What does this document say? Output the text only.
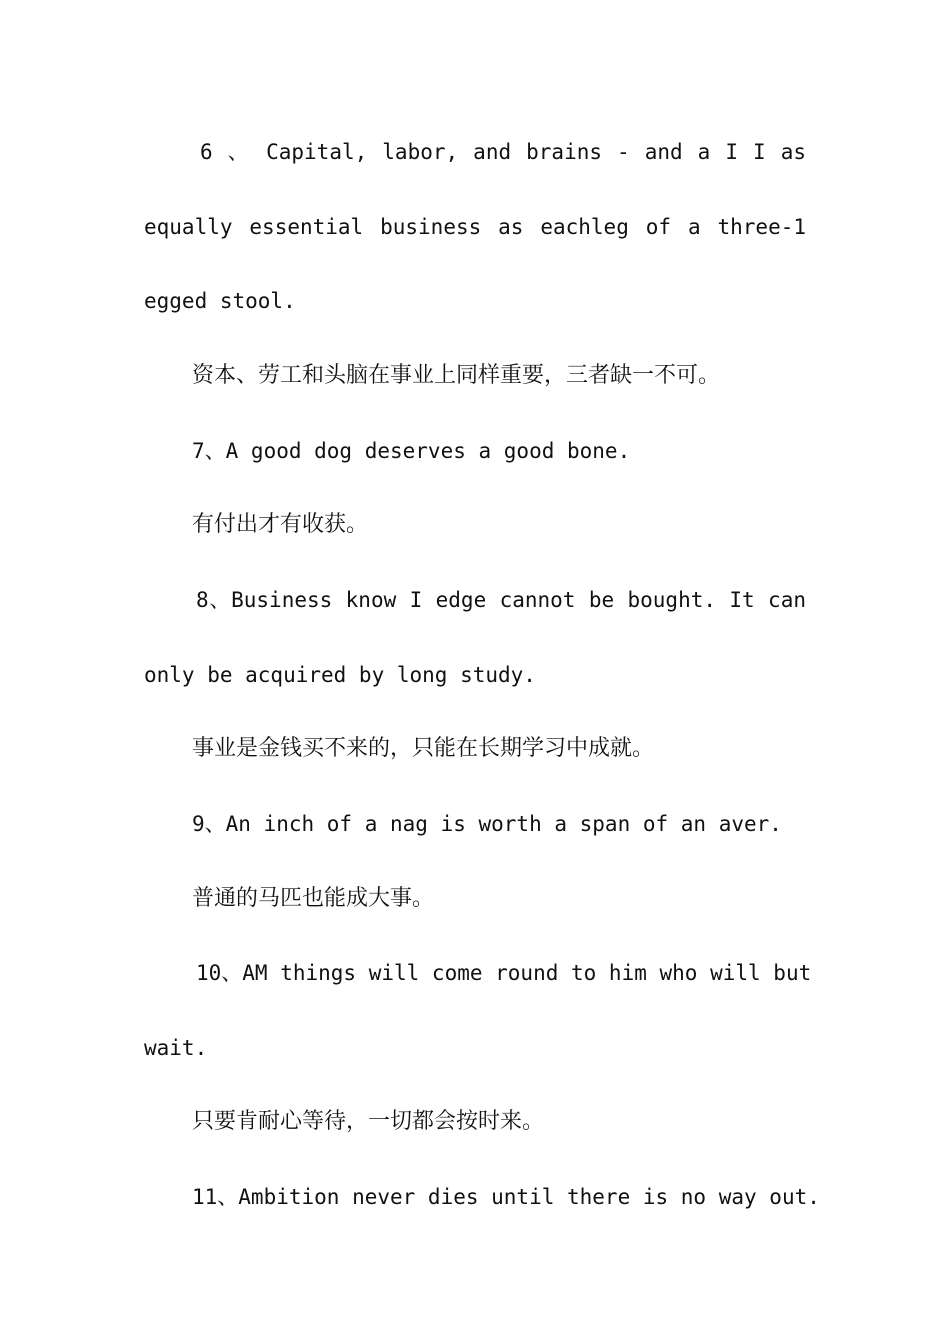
6 、 Capital, labor, and brains - and a I I as
equally essential business as eachleg of a three-1
egged stool.
资本、劳工和头脑在事业上同样重要，三者缺一不可。
7、A good dog deserves a good bone.
有付出才有收获。
8、Business know I edge cannot be bought. It can
only be acquired by long study.
事业是金钱买不来的，只能在长期学习中成就。
9、An inch of a nag is worth a span of an aver.
普通的马匹也能成大事。
10、AM things will come round to him who will but
wait.
只要肯耐心等待，一切都会按时来。
11、Ambition never dies until there is no way out.
